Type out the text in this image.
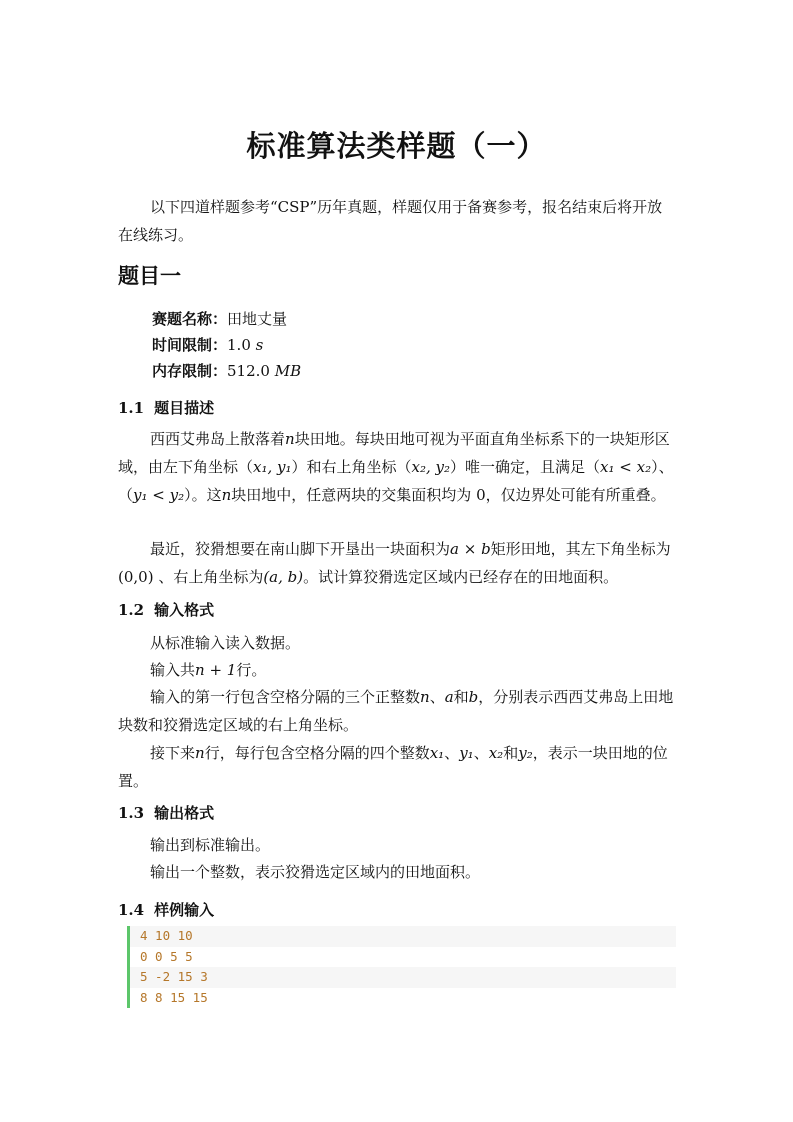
标准算法类样题（一）

以下四道样题参考“CSP”历年真题，样题仅用于备赛参考，报名结束后将开放在线练习。

题目一
赛题名称：田地丈量
时间限制：1.0 s
内存限制：512.0 MB
1.1 题目描述

西西艾弗岛上散落着n块田地。每块田地可视为平面直角坐标系下的一块矩形区域，由左下角坐标（x₁, y₁）和右上角坐标（x₂, y₂）唯一确定，且满足（x₁ < x₂）、（y₁ < y₂）。这n块田地中，任意两块的交集面积均为 0，仅边界处可能有所重叠。

最近，狡猾想要在南山脚下开垦出一块面积为a × b矩形田地，其左下角坐标为 (0,0) 、右上角坐标为(a, b)。试计算狡猾选定区域内已经存在的田地面积。

1.2 输入格式

从标准输入读入数据。

输入共n + 1行。

输入的第一行包含空格分隔的三个正整数n、a和b，分别表示西西艾弗岛上田地块数和狡猾选定区域的右上角坐标。

接下来n行，每行包含空格分隔的四个整数x₁、y₁、x₂和y₂，表示一块田地的位置。

1.3 输出格式

输出到标准输出。

输出一个整数，表示狡猾选定区域内的田地面积。

1.4 样例输入
4 10 10
0 0 5 5
5 -2 15 3
8 8 15 15
